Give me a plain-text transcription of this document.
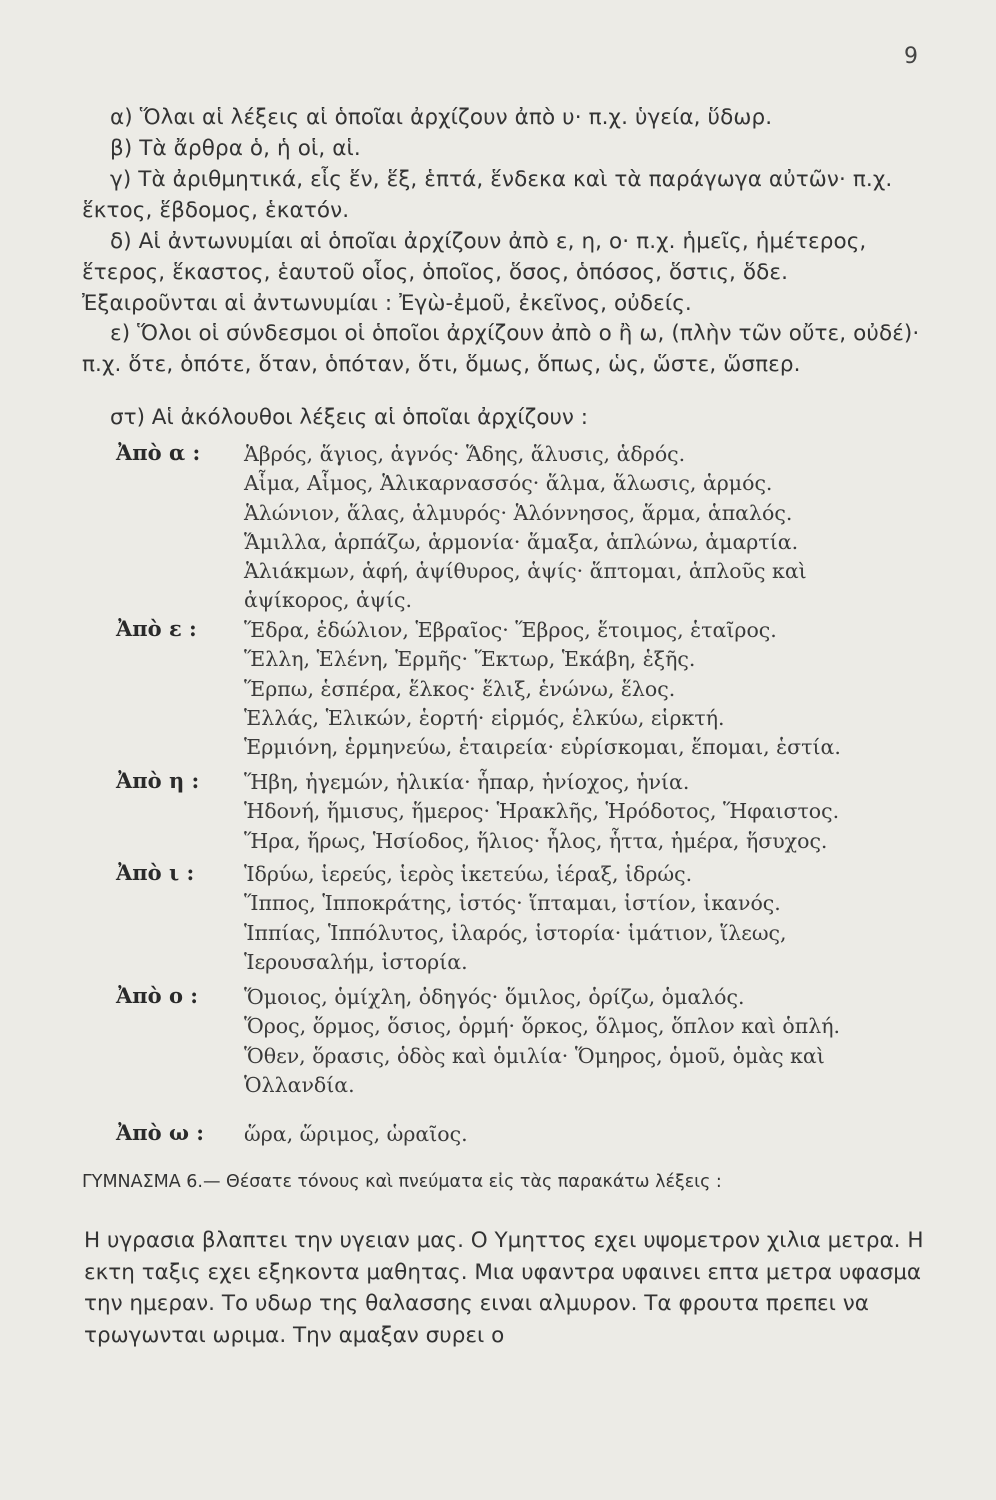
9
α) Ὅλαι αἱ λέξεις αἱ ὁποῖαι ἀρχίζουν ἀπὸ υ· π.χ. ὑγεία, ὕδωρ.
β) Τὰ ἄρθρα ὁ, ἡ οἱ, αἱ.
γ) Τὰ ἀριθμητικά, εἷς ἕν, ἕξ, ἑπτά, ἕνδεκα καὶ τὰ παράγωγα αὐτῶν· π.χ. ἕκτος, ἕβδομος, ἑκατόν.
δ) Αἱ ἀντωνυμίαι αἱ ὁποῖαι ἀρχίζουν ἀπὸ ε, η, ο· π.χ. ἡμεῖς, ἡμέτερος, ἕτερος, ἕκαστος, ἑαυτοῦ οἷος, ὁποῖος, ὅσος, ὁπόσος, ὅστις, ὅδε. Ἐξαιροῦνται αἱ ἀντωνυμίαι : Ἐγὼ-ἐμοῦ, ἐκεῖνος, οὐδείς.
ε) Ὅλοι οἱ σύνδεσμοι οἱ ὁποῖοι ἀρχίζουν ἀπὸ ο ἢ ω, (πλὴν τῶν οὔτε, οὐδέ)· π.χ. ὅτε, ὁπότε, ὅταν, ὁπόταν, ὅτι, ὅμως, ὅπως, ὡς, ὥστε, ὥσπερ.
στ) Αἱ ἀκόλουθοι λέξεις αἱ ὁποῖαι ἀρχίζουν :
Ἀπὸ α : Ἁβρός, ἅγιος, ἁγνός· Ἅδης, ἅλυσις, ἁδρός.
Αἷμα, Αἷμος, Ἁλικαρνασσός· ἅλμα, ἅλωσις, ἁρμός.
Ἁλώνιον, ἅλας, ἁλμυρός· Ἁλόννησος, ἅρμα, ἁπαλός.
Ἅμιλλα, ἁρπάζω, ἁρμονία· ἅμαξα, ἁπλώνω, ἁμαρτία.
Ἁλιάκμων, ἁφή, ἁψίθυρος, ἁψίς· ἅπτομαι, ἁπλοῦς καὶ
ἁψίκορος, ἁψίς.
Ἀπὸ ε : Ἕδρα, ἑδώλιον, Ἑβραῖος· Ἕβρος, ἕτοιμος, ἑταῖρος.
Ἕλλη, Ἑλένη, Ἑρμῆς· Ἕκτωρ, Ἑκάβη, ἑξῆς.
Ἕρπω, ἑσπέρα, ἕλκος· ἕλιξ, ἑνώνω, ἕλος.
Ἑλλάς, Ἑλικών, ἑορτή· εἱρμός, ἑλκύω, εἱρκτή.
Ἑρμιόνη, ἑρμηνεύω, ἑταιρεία· εὑρίσκομαι, ἕπομαι, ἑστία.
Ἀπὸ η : Ἥβη, ἡγεμών, ἡλικία· ἧπαρ, ἡνίοχος, ἡνία.
Ἡδονή, ἥμισυς, ἥμερος· Ἡρακλῆς, Ἡρόδοτος, Ἥφαιστος.
Ἥρα, ἥρως, Ἡσίοδος, ἥλιος· ἧλος, ἧττα, ἡμέρα, ἥσυχος.
Ἀπὸ ι : Ἱδρύω, ἱερεύς, ἱερὸς ἱκετεύω, ἱέραξ, ἱδρώς.
Ἵππος, Ἱπποκράτης, ἱστός· ἵπταμαι, ἱστίον, ἱκανός.
Ἱππίας, Ἱππόλυτος, ἱλαρός, ἱστορία· ἱμάτιον, ἵλεως,
Ἱερουσαλήμ, ἱστορία.
Ἀπὸ ο : Ὅμοιος, ὁμίχλη, ὁδηγός· ὅμιλος, ὁρίζω, ὁμαλός.
Ὅρος, ὅρμος, ὅσιος, ὁρμή· ὅρκος, ὅλμος, ὅπλον καὶ ὁπλή.
Ὅθεν, ὅρασις, ὁδὸς καὶ ὁμιλία· Ὅμηρος, ὁμοῦ, ὁμὰς καὶ
Ὁλλανδία.
Ἀπὸ ω : ὥρα, ὥριμος, ὡραῖος.
ΓΥΜΝΑΣΜΑ 6.— Θέσατε τόνους καὶ πνεύματα εἰς τὰς παρακάτω λέξεις :
Η υγρασια βλαπτει την υγειαν μας. Ο Υμηττος εχει υψομετρον χιλια μετρα. Η εκτη ταξις εχει εξηκοντα μαθητας. Μια υφαντρα υφαινει επτα μετρα υφασμα την ημεραν. Το υδωρ της θαλασσης ειναι αλμυρον. Τα φρουτα πρεπει να τρωγωνται ωριμα. Την αμαξαν συρει ο
